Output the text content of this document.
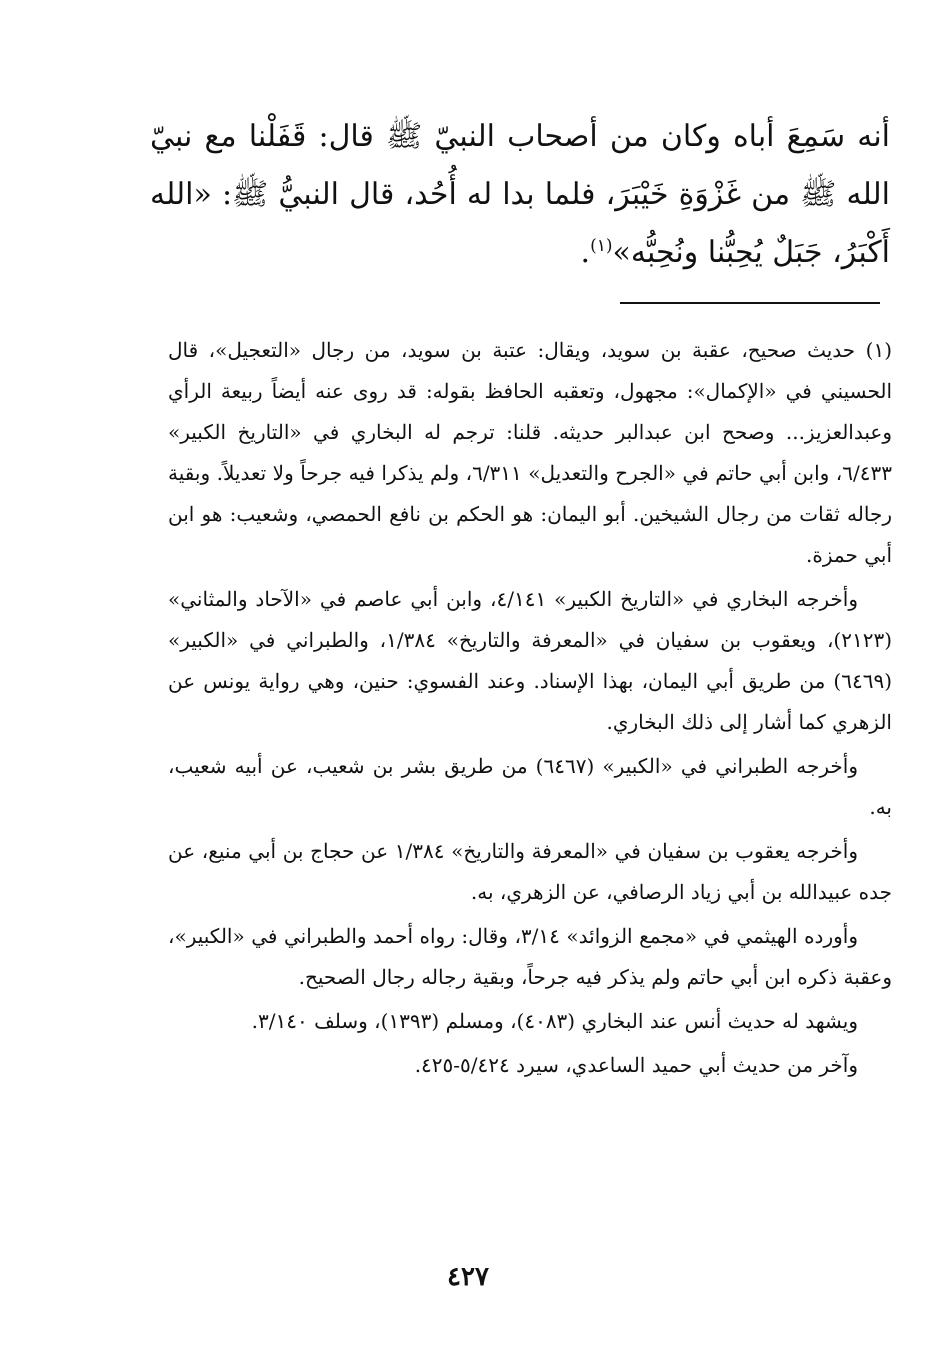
أنه سَمِعَ أباه وكان من أصحاب النبيّ ﷺ قال: قَفَلْنا مع نبيّ الله ﷺ من غَزْوَةِ خَيْبَرَ، فلما بدا له أُحُد، قال النبيُّ ﷺ: «الله أَكْبَرُ، جَبَلٌ يُحِبُّنا ونُحِبُّه»$^{(١)}$.

(١) حديث صحيح، عقبة بن سويد، ويقال: عتبة بن سويد، من رجال «التعجيل»، قال الحسيني في «الإكمال»: مجهول، وتعقبه الحافظ بقوله: قد روى عنه أيضاً ربيعة الرأي وعبدالعزيز... وصحح ابن عبدالبر حديثه. قلنا: ترجم له البخاري في «التاريخ الكبير» ٦/٤٣٣، وابن أبي حاتم في «الجرح والتعديل» ٦/٣١١، ولم يذكرا فيه جرحاً ولا تعديلاً. وبقية رجاله ثقات من رجال الشيخين. أبو اليمان: هو الحكم بن نافع الحمصي، وشعيب: هو ابن أبي حمزة.

وأخرجه البخاري في «التاريخ الكبير» ٤/١٤١، وابن أبي عاصم في «الآحاد والمثاني» (٢١٢٣)، ويعقوب بن سفيان في «المعرفة والتاريخ» ١/٣٨٤، والطبراني في «الكبير» (٦٤٦٩) من طريق أبي اليمان، بهذا الإسناد. وعند الفسوي: حنين، وهي رواية يونس عن الزهري كما أشار إلى ذلك البخاري.

وأخرجه الطبراني في «الكبير» (٦٤٦٧) من طريق بشر بن شعيب، عن أبيه شعيب، به.

وأخرجه يعقوب بن سفيان في «المعرفة والتاريخ» ١/٣٨٤ عن حجاج بن أبي منيع، عن جده عبيدالله بن أبي زياد الرصافي، عن الزهري، به.

وأورده الهيثمي في «مجمع الزوائد» ٣/١٤، وقال: رواه أحمد والطبراني في «الكبير»، وعقبة ذكره ابن أبي حاتم ولم يذكر فيه جرحاً، وبقية رجاله رجال الصحيح.

ويشهد له حديث أنس عند البخاري (٤٠٨٣)، ومسلم (١٣٩٣)، وسلف ٣/١٤٠.

وآخر من حديث أبي حميد الساعدي، سيرد ٥/٤٢٤-٤٢٥.

٤٢٧
